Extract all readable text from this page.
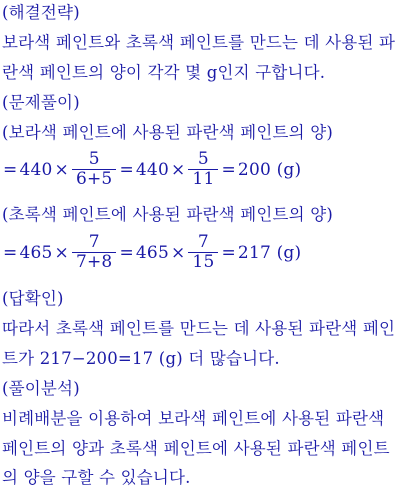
(해결전략)
보라색 페인트와 초록색 페인트를 만드는 데 사용된 파
란색 페인트의 양이 각각 몇 g인지 구합니다.
(문제풀이)
(보라색 페인트에 사용된 파란색 페인트의 양)
= $440 \times \frac{5}{6+5} = 440 \times \frac{5}{11} = 200$ (g)
(초록색 페인트에 사용된 파란색 페인트의 양)
= $465 \times \frac{7}{7+8} = 465 \times \frac{7}{15} = 217$ (g)
(답확인)
따라서 초록색 페인트를 만드는 데 사용된 파란색 페인
트가 217−200=17 (g) 더 많습니다.
(풀이분석)
비례배분을 이용하여 보라색 페인트에 사용된 파란색
페인트의 양과 초록색 페인트에 사용된 파란색 페인트
의 양을 구할 수 있습니다.
